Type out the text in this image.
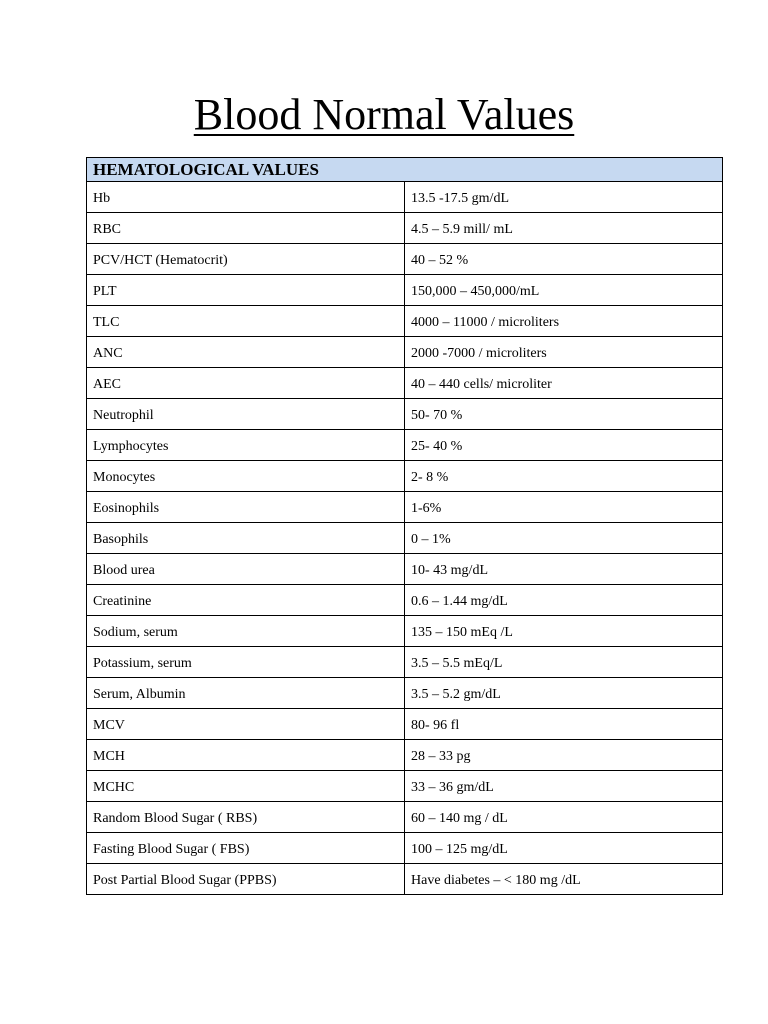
Blood Normal Values
HEMATOLOGICAL VALUES	
Hb	13.5 -17.5 gm/dL
RBC	4.5 – 5.9 mill/ mL
PCV/HCT (Hematocrit)	40 – 52 %
PLT	150,000 – 450,000/mL
TLC	4000 – 11000 / microliters
ANC	2000 -7000 / microliters
AEC	40 – 440 cells/ microliter
Neutrophil	50- 70 %
Lymphocytes	25- 40 %
Monocytes	2- 8 %
Eosinophils	1-6%
Basophils	0 – 1%
Blood urea	10- 43 mg/dL
Creatinine	0.6 – 1.44 mg/dL
Sodium, serum	135 – 150 mEq /L
Potassium, serum	3.5 – 5.5 mEq/L
Serum, Albumin	3.5 – 5.2 gm/dL
MCV	80- 96 fl
MCH	28 – 33 pg
MCHC	33 – 36 gm/dL
Random Blood Sugar ( RBS)	60 – 140 mg / dL
Fasting Blood Sugar ( FBS)	100 – 125 mg/dL
Post Partial Blood Sugar (PPBS)	Have diabetes – < 180 mg /dL
